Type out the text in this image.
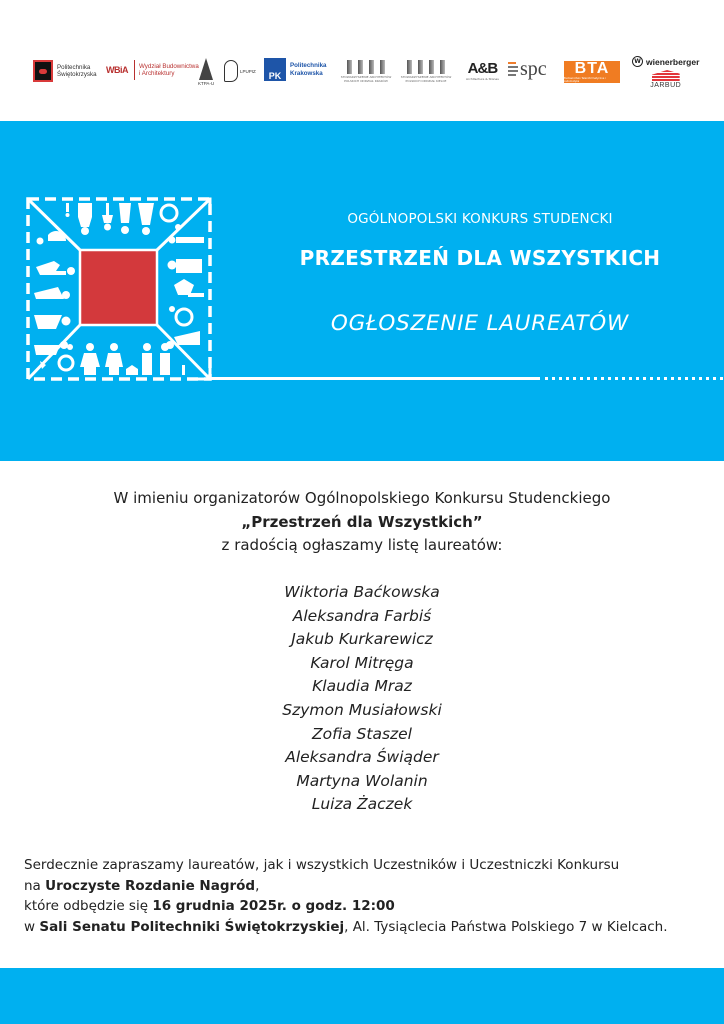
Politechnika
Świętokrzyska WBiA Wydział Budownictwa
i Architektury
KTPA-U
LPUPIZ	PK
Politechnika
Krakowska
STOWARZYSZENIE ARCHITEKTÓW POLSKICH ODDZIAŁ KRAKÓW
STOWARZYSZENIE ARCHITEKTÓW POLSKICH ODDZIAŁ KIELCE
A&B
Architecture & Stones spc BTA
Budownictwo Teleinformatyczne i Automatyka
W wienerberger
JARBUD
OGÓLNOPOLSKI KONKURS STUDENCKI
PRZESTRZEŃ DLA WSZYSTKICH
OGŁOSZENIE LAUREATÓW
W imieniu organizatorów Ogólnopolskiego Konkursu Studenckiego
„Przestrzeń dla Wszystkich”
z radością ogłaszamy listę laureatów:
Wiktoria Baćkowska
Aleksandra Farbiś
Jakub Kurkarewicz
Karol Mitręga
Klaudia Mraz
Szymon Musiałowski
Zofia Staszel
Aleksandra Świąder
Martyna Wolanin
Luiza Żaczek
Serdecznie zapraszamy laureatów, jak i wszystkich Uczestników i Uczestniczki Konkursu
na Uroczyste Rozdanie Nagród,
które odbędzie się 16 grudnia 2025r. o godz. 12:00
w Sali Senatu Politechniki Świętokrzyskiej, Al. Tysiąclecia Państwa Polskiego 7 w Kielcach.
